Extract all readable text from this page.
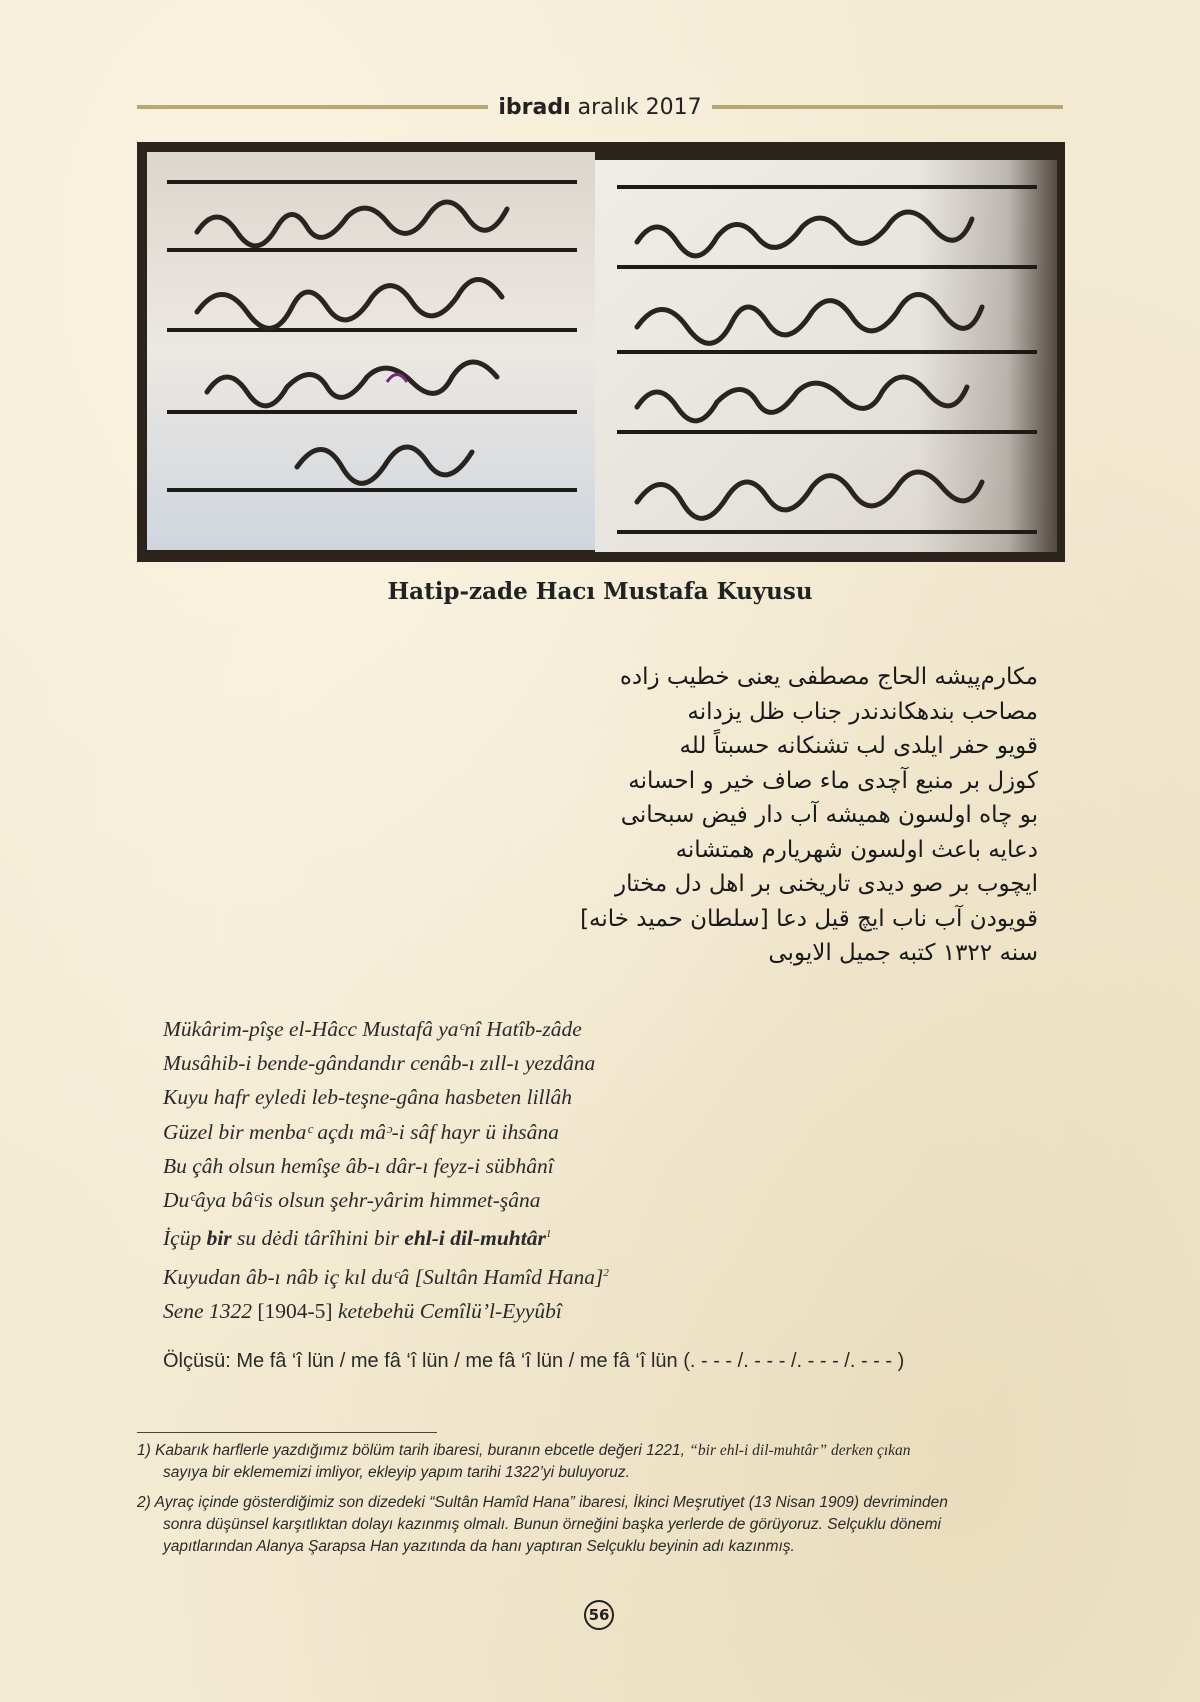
ibradı aralık 2017
Hatip-zade Hacı Mustafa Kuyusu
مكارم‌پيشه الحاج مصطفى يعنى خطيب زاده
مصاحب بندهكاندندر جناب ظل يزدانه
قويو حفر ايلدى لب تشنكانه حسبتاً لله
كوزل بر منبع آچدى ماء صاف خير و احسانه
بو چاه اولسون هميشه آب دار فيض سبحانى
دعايه باعث اولسون شهريارم همتشانه
ايچوب بر صو ديدى تاريخنى بر اهل دل مختار
قويودن آب ناب ايچ قيل دعا [سلطان حميد خانه]
سنه ١٣٢٢ كتبه جميل الايوبى
Mükârim-pîşe el-Hâcc Mustafâ yaᶜnî Hatîb-zâde
Musâhib-i bende-gândandır cenâb-ı zıll-ı yezdâna
Kuyu hafr eyledi leb-teşne-gâna hasbeten lillâh
Güzel bir menbaᶜ açdı mâᵓ-i sâf hayr ü ihsâna
Bu çâh olsun hemîşe âb-ı dâr-ı feyz-i sübhânî
Duᶜâya bâᶜis olsun şehr-yârim himmet-şâna
İçüp bir su dėdi târîhini bir ehl-i dil-muhtâr$^1$
Kuyudan âb-ı nâb iç kıl duᶜâ [Sultân Hamîd Hana]$^2$
Sene 1322 [1904-5] ketebehü Cemîlü’l-Eyyûbî
Ölçüsü: Me fâ ‘î lün / me fâ ‘î lün / me fâ ‘î lün / me fâ ‘î lün (. - - - /. - - - /. - - - /. - - - )
1) Kabarık harflerle yazdığımız bölüm tarih ibaresi, buranın ebcetle değeri 1221, “bir ehl-i dil-muhtâr” derken çıkan
sayıya bir eklememizi imliyor, ekleyip yapım tarihi 1322’yi buluyoruz.
2) Ayraç içinde gösterdiğimiz son dizedeki “Sultân Hamîd Hana” ibaresi, İkinci Meşrutiyet (13 Nisan 1909) devriminden
sonra düşünsel karşıtlıktan dolayı kazınmış olmalı. Bunun örneğini başka yerlerde de görüyoruz. Selçuklu dönemi
yapıtlarından Alanya Şarapsa Han yazıtında da hanı yaptıran Selçuklu beyinin adı kazınmış.
56
